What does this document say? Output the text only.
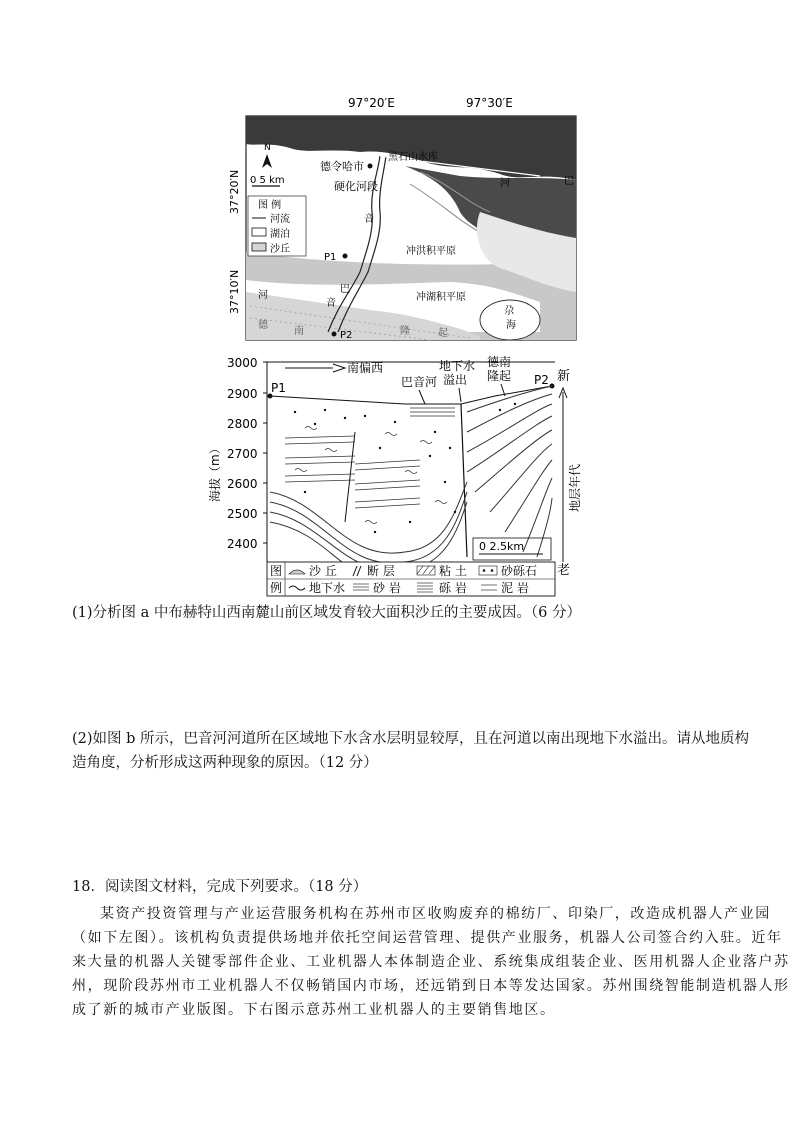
97°20′E	97°30′E
37°20′N
37°10′N
N
0 5 km
德令哈市
黑石山水库
硬化河段
冲洪积平原
冲湖积平原
河	巴
音
巴
音
河
尕
海
德
南	隆	起
P1
P2
图 例
河流
湖泊
沙丘
3000
2900
2800
2700
2600
2500
2400
海拔（m）
南偏西
P1
P2
巴音河
地下水
溢出
德南
隆起
0 2.5km
新
老
地层年代
图
例
沙 丘	断 层	粘 土	砂砾石
地下水 砂 岩	砾 岩	泥 岩
(1)分析图 a 中布赫特山西南麓山前区域发育较大面积沙丘的主要成因。（6 分）
(2)如图 b 所示，巴音河河道所在区域地下水含水层明显较厚，且在河道以南出现地下水溢出。请从地质构
造角度，分析形成这两种现象的原因。（12 分）
18．阅读图文材料，完成下列要求。（18 分）
某资产投资管理与产业运营服务机构在苏州市区收购废弃的棉纺厂、印染厂，改造成机器人产业园
（如下左图）。该机构负责提供场地并依托空间运营管理、提供产业服务，机器人公司签合约入驻。近年
来大量的机器人关键零部件企业、工业机器人本体制造企业、系统集成组装企业、医用机器人企业落户苏
州，现阶段苏州市工业机器人不仅畅销国内市场，还远销到日本等发达国家。苏州围绕智能制造机器人形
成了新的城市产业版图。下右图示意苏州工业机器人的主要销售地区。
